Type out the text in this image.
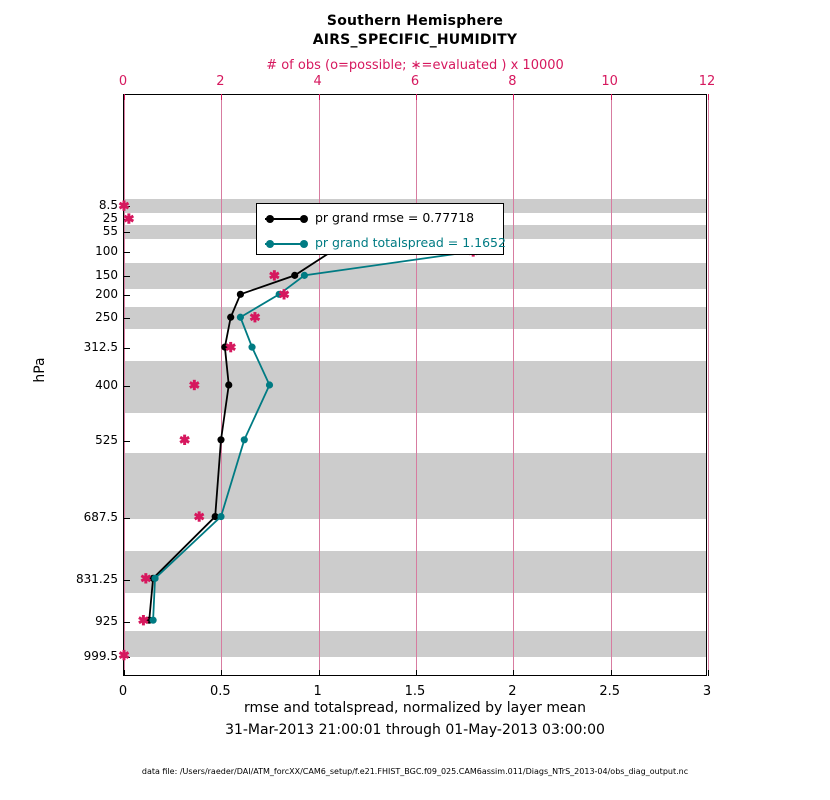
Southern Hemisphere
AIRS_SPECIFIC_HUMIDITY
# of obs (o=possible; ∗=evaluated ) x 10000
hPa
8.5
25
55
100
150
200
250
312.5
400
525
687.5
831.25
925
999.5
pr grand rmse = 0.77718
pr grand totalspread = 1.1652
rmse and totalspread, normalized by layer mean
31-Mar-2013 21:00:01 through 01-May-2013 03:00:00
data file: /Users/raeder/DAI/ATM_forcXX/CAM6_setup/f.e21.FHIST_BGC.f09_025.CAM6assim.011/Diags_NTrS_2013-04/obs_diag_output.nc
0	0.5	1	1.5	2	2.5	3
0	2	4	6	8	10	12
